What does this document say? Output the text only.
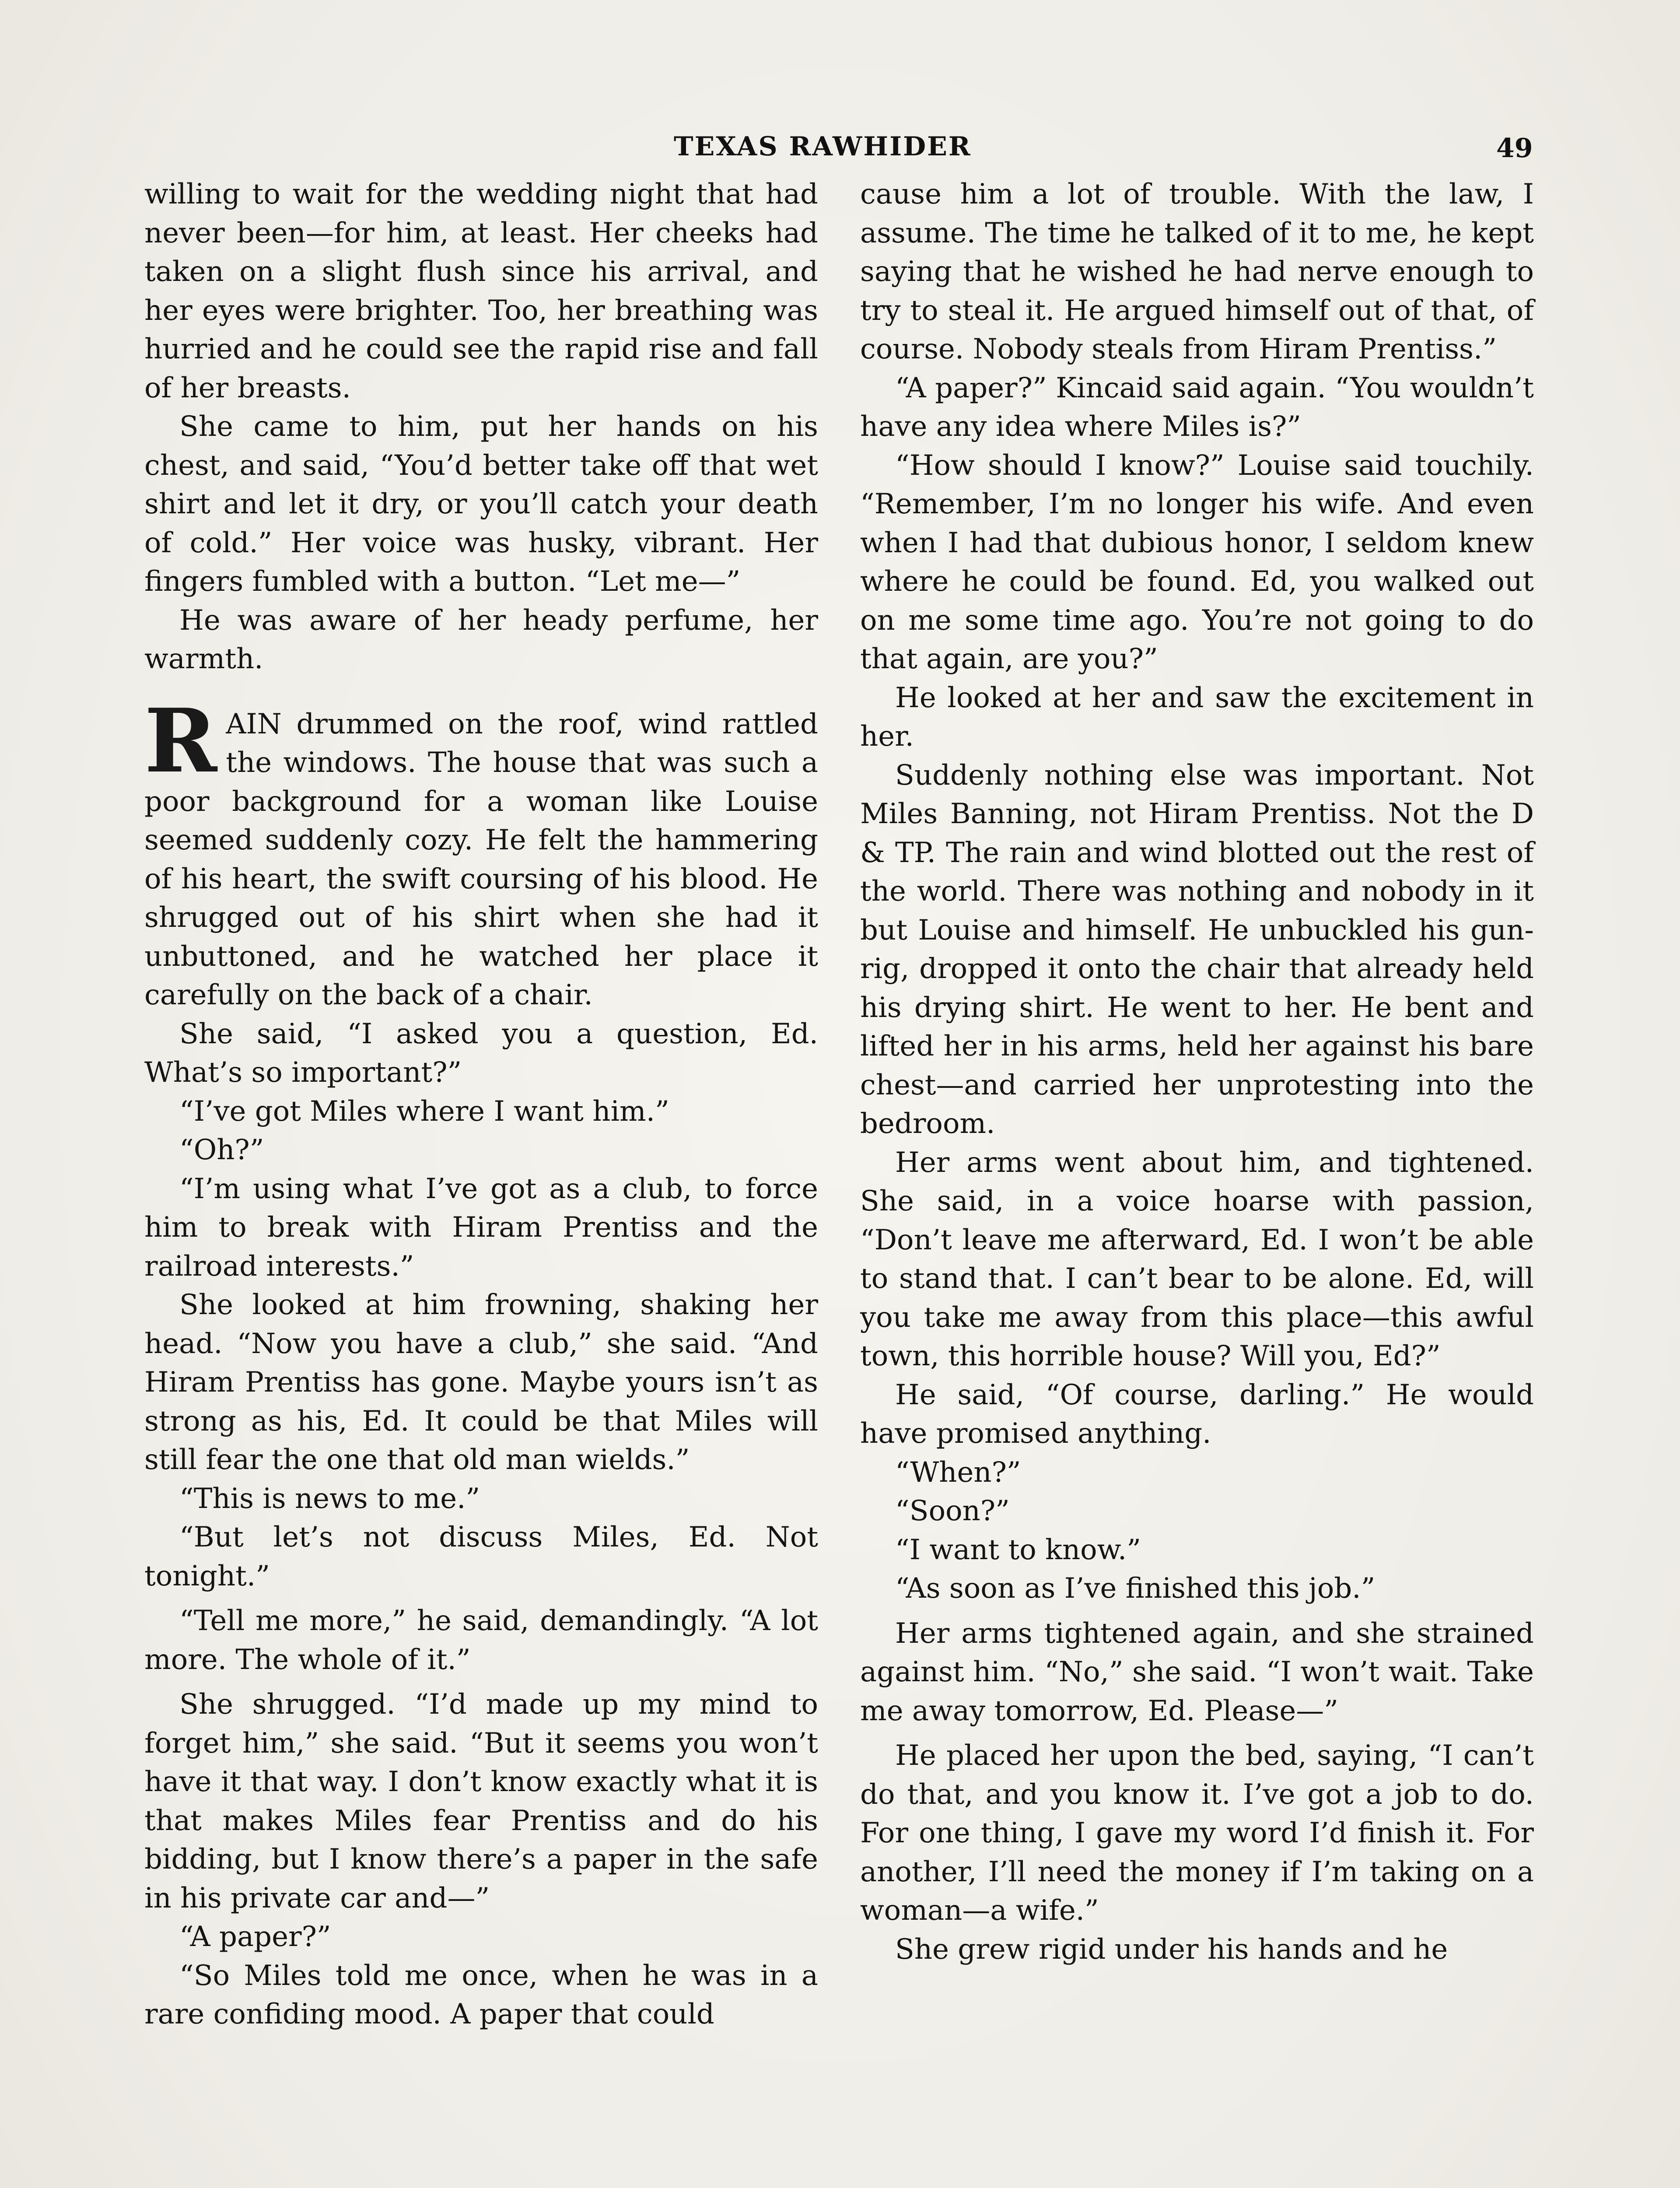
TEXAS RAWHIDER	49

willing to wait for the wedding night that had never been—for him, at least. Her cheeks had taken on a slight flush since his arrival, and her eyes were brighter. Too, her breathing was hurried and he could see the rapid rise and fall of her breasts.

She came to him, put her hands on his chest, and said, “You’d better take off that wet shirt and let it dry, or you’ll catch your death of cold.” Her voice was husky, vibrant. Her fingers fumbled with a button. “Let me—”

He was aware of her heady perfume, her warmth.

RAIN drummed on the roof, wind rattled the windows. The house that was such a poor background for a woman like Louise seemed suddenly cozy. He felt the hammering of his heart, the swift coursing of his blood. He shrugged out of his shirt when she had it unbuttoned, and he watched her place it carefully on the back of a chair.

She said, “I asked you a question, Ed. What’s so important?”

“I’ve got Miles where I want him.”

“Oh?”

“I’m using what I’ve got as a club, to force him to break with Hiram Prentiss and the railroad interests.”

She looked at him frowning, shaking her head. “Now you have a club,” she said. “And Hiram Prentiss has gone. Maybe yours isn’t as strong as his, Ed. It could be that Miles will still fear the one that old man wields.”

“This is news to me.”

“But let’s not discuss Miles, Ed. Not tonight.”

“Tell me more,” he said, demandingly. “A lot more. The whole of it.”

She shrugged. “I’d made up my mind to forget him,” she said. “But it seems you won’t have it that way. I don’t know exactly what it is that makes Miles fear Prentiss and do his bidding, but I know there’s a paper in the safe in his private car and—”

“A paper?”

“So Miles told me once, when he was in a rare confiding mood. A paper that could

cause him a lot of trouble. With the law, I assume. The time he talked of it to me, he kept saying that he wished he had nerve enough to try to steal it. He argued himself out of that, of course. Nobody steals from Hiram Prentiss.”

“A paper?” Kincaid said again. “You wouldn’t have any idea where Miles is?”

“How should I know?” Louise said touchily. “Remember, I’m no longer his wife. And even when I had that dubious honor, I seldom knew where he could be found. Ed, you walked out on me some time ago. You’re not going to do that again, are you?”

He looked at her and saw the excitement in her.

Suddenly nothing else was important. Not Miles Banning, not Hiram Prentiss. Not the D & TP. The rain and wind blotted out the rest of the world. There was nothing and nobody in it but Louise and himself. He unbuckled his gun-rig, dropped it onto the chair that already held his drying shirt. He went to her. He bent and lifted her in his arms, held her against his bare chest—and carried her unprotesting into the bedroom.

Her arms went about him, and tightened. She said, in a voice hoarse with passion, “Don’t leave me afterward, Ed. I won’t be able to stand that. I can’t bear to be alone. Ed, will you take me away from this place—this awful town, this horrible house? Will you, Ed?”

He said, “Of course, darling.” He would have promised anything.

“When?”

“Soon?”

“I want to know.”

“As soon as I’ve finished this job.”

Her arms tightened again, and she strained against him. “No,” she said. “I won’t wait. Take me away tomorrow, Ed. Please—”

He placed her upon the bed, saying, “I can’t do that, and you know it. I’ve got a job to do. For one thing, I gave my word I’d finish it. For another, I’ll need the money if I’m taking on a woman—a wife.”

She grew rigid under his hands and he
